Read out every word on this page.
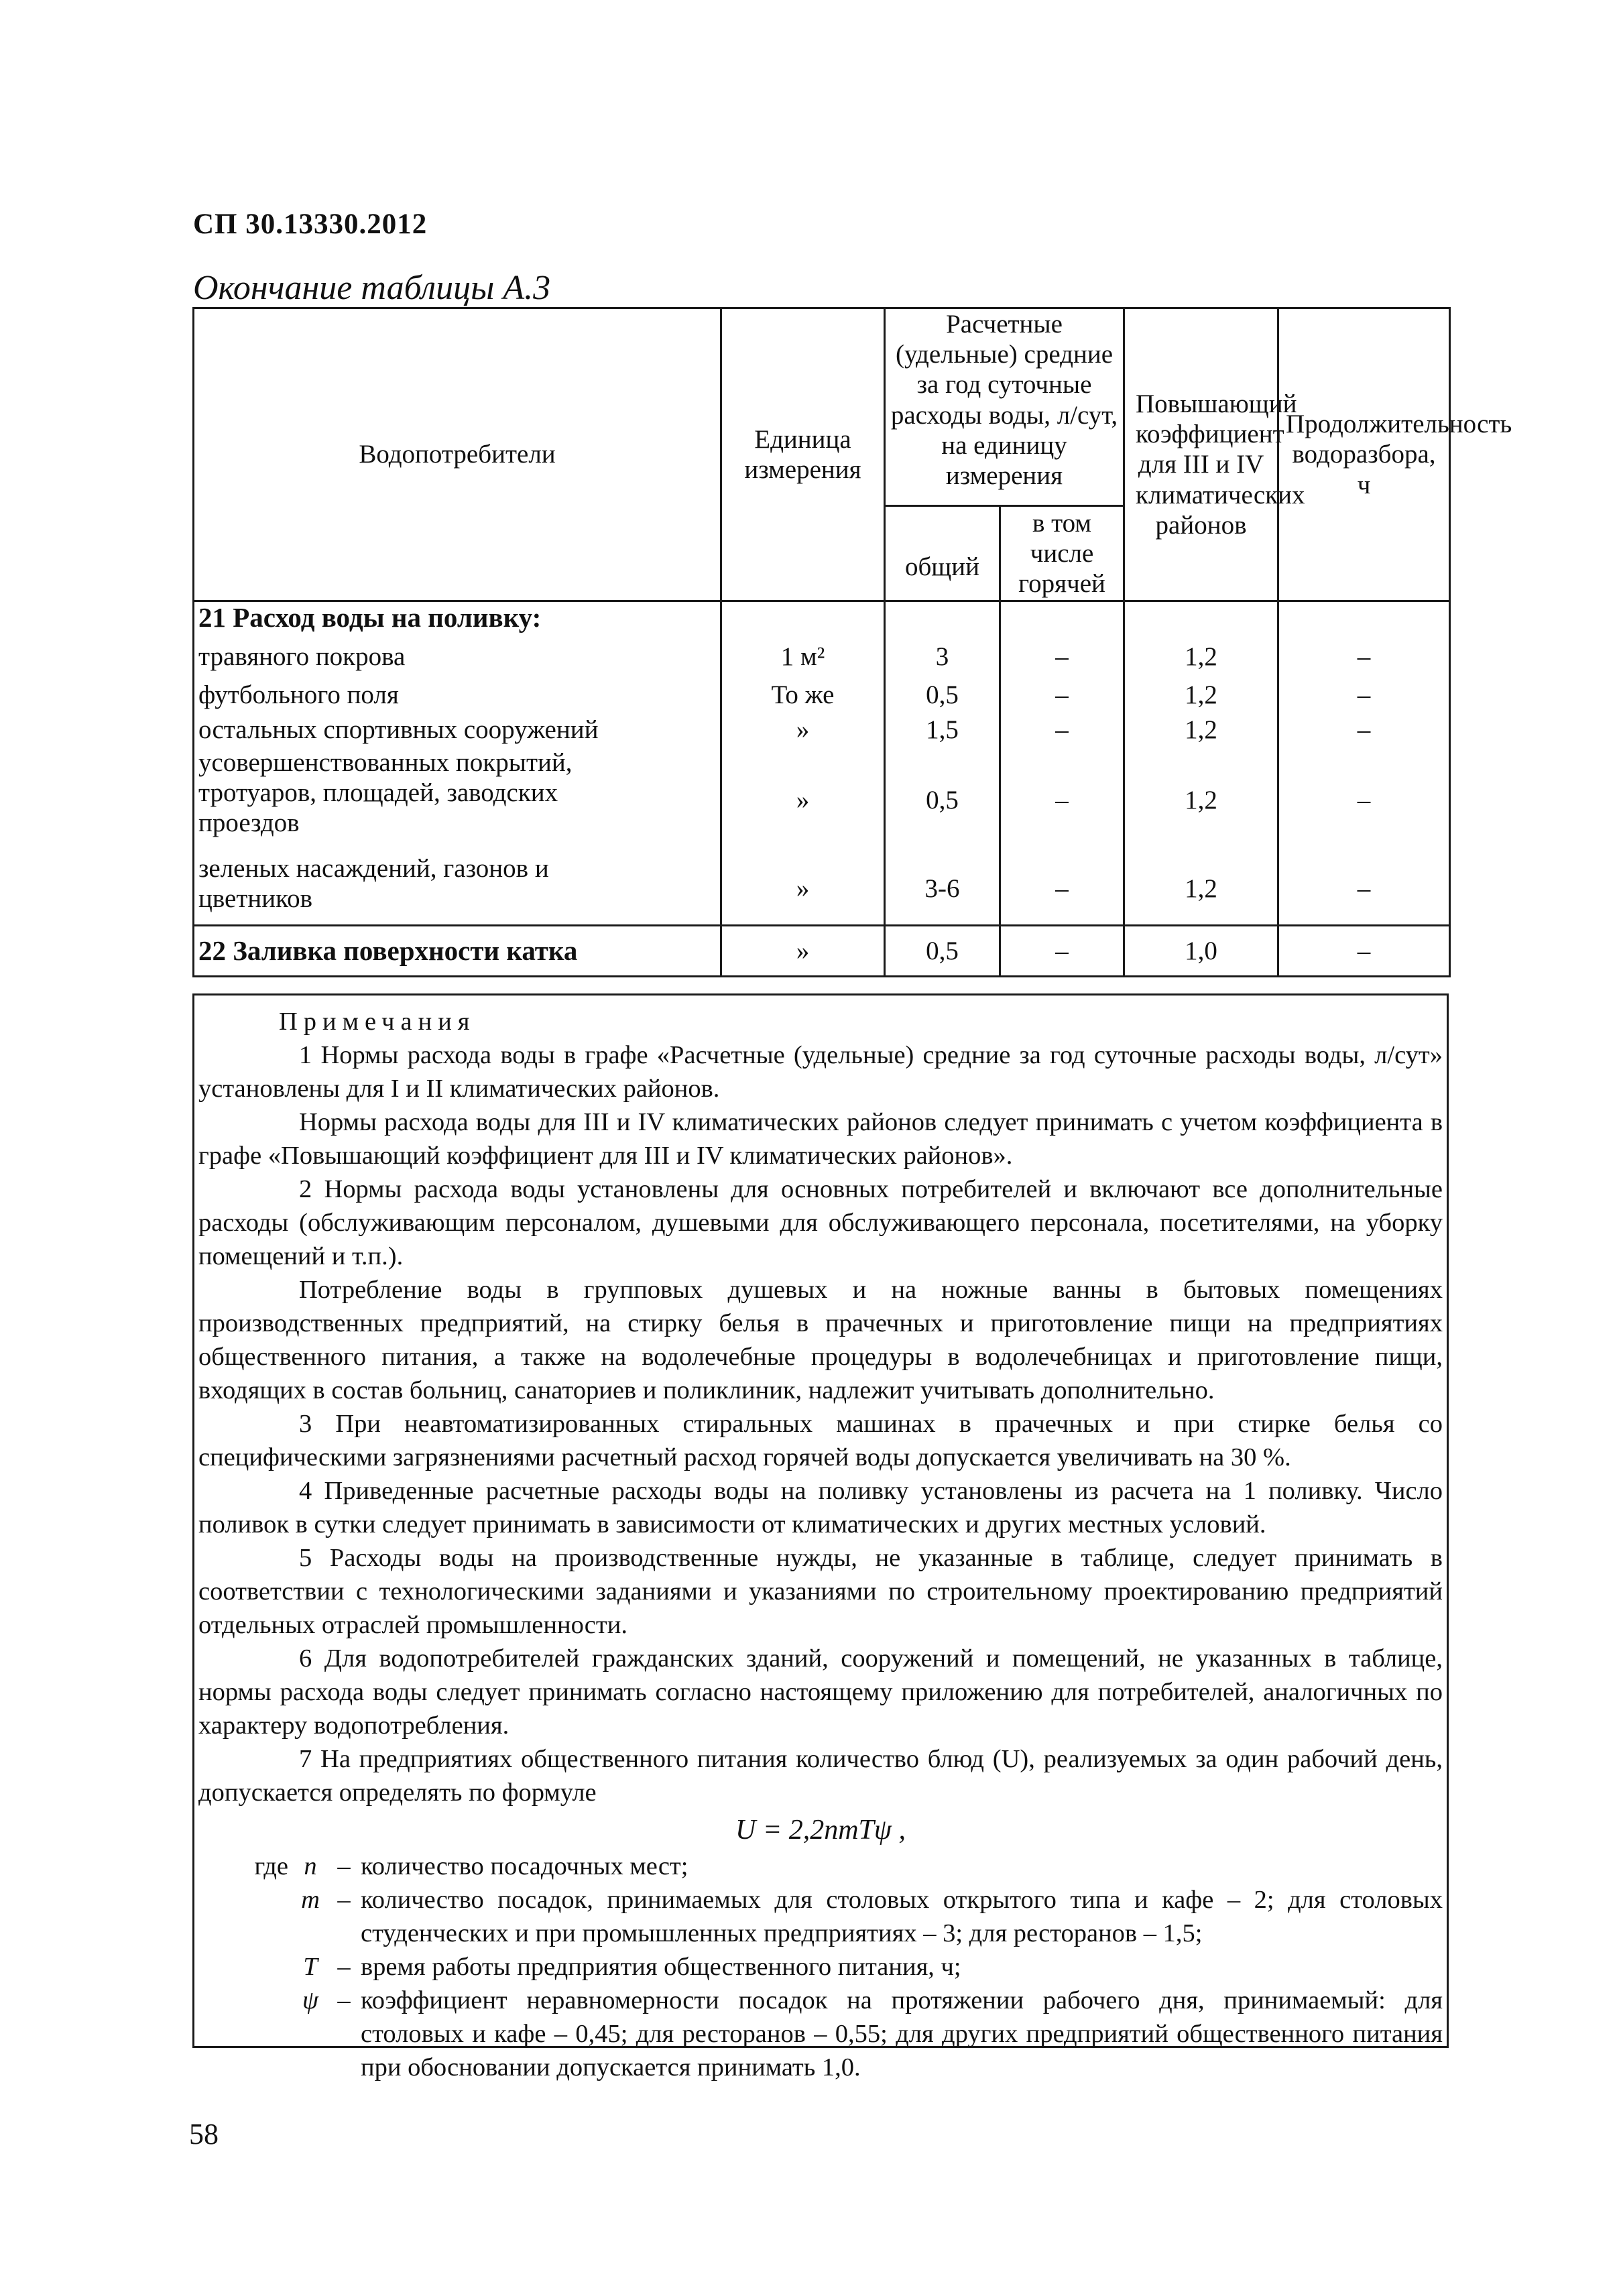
СП 30.13330.2012
Окончание таблицы А.3
Водопотребители	Единица измерения	Расчетные (удельные) средние за год суточные расходы воды, л/сут, на единицу измерения		Повышающий коэффициент для III и IV климатических районов	Продолжительность водоразбора, ч
		общий	в том числе горячей		
21 Расход воды на поливку:					
травяного покрова	1 м²	3	–	1,2	–
футбольного поля	То же	0,5	–	1,2	–
остальных спортивных сооружений	»	1,5	–	1,2	–
усовершенствованных покрытий, тротуаров, площадей, заводских проездов	»	0,5	–	1,2	–
зеленых насаждений, газонов и цветников	»	3-6	–	1,2	–
22 Заливка поверхности катка	»	0,5	–	1,0	–

Примечания

1 Нормы расхода воды в графе «Расчетные (удельные) средние за год суточные расходы воды, л/сут» установлены для I и II климатических районов.

Нормы расхода воды для III и IV климатических районов следует принимать с учетом коэффициента в графе «Повышающий коэффициент для III и IV климатических районов».

2 Нормы расхода воды установлены для основных потребителей и включают все дополнительные расходы (обслуживающим персоналом, душевыми для обслуживающего персонала, посетителями, на уборку помещений и т.п.).

Потребление воды в групповых душевых и на ножные ванны в бытовых помещениях производственных предприятий, на стирку белья в прачечных и приготовление пищи на предприятиях общественного питания, а также на водолечебные процедуры в водолечебницах и приготовление пищи, входящих в состав больниц, санаториев и поликлиник, надлежит учитывать дополнительно.

3 При неавтоматизированных стиральных машинах в прачечных и при стирке белья со специфическими загрязнениями расчетный расход горячей воды допускается увеличивать на 30 %.

4 Приведенные расчетные расходы воды на поливку установлены из расчета на 1 поливку. Число поливок в сутки следует принимать в зависимости от климатических и других местных условий.

5 Расходы воды на производственные нужды, не указанные в таблице, следует принимать в соответствии с технологическими заданиями и указаниями по строительному проектированию предприятий отдельных отраслей промышленности.

6 Для водопотребителей гражданских зданий, сооружений и помещений, не указанных в таблице, нормы расхода воды следует принимать согласно настоящему приложению для потребителей, аналогичных по характеру водопотребления.

7 На предприятиях общественного питания количество блюд (U), реализуемых за один рабочий день, допускается определять по формуле

U = 2,2nmTψ ,

где n – количество посадочных мест;
m – количество посадок, принимаемых для столовых открытого типа и кафе – 2; для столовых студенческих и при промышленных предприятиях – 3; для ресторанов – 1,5;
T – время работы предприятия общественного питания, ч;
ψ – коэффициент неравномерности посадок на протяжении рабочего дня, принимаемый: для столовых и кафе – 0,45; для ресторанов – 0,55; для других предприятий общественного питания при обосновании допускается принимать 1,0.
58
